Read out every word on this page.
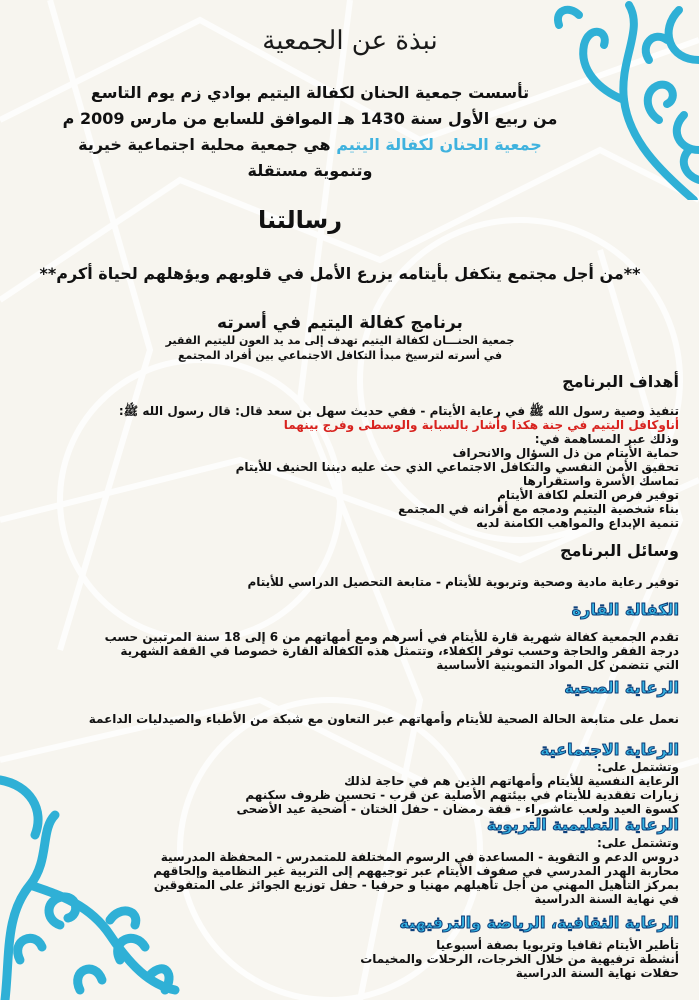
نبذة عن الجمعية
تأسست جمعية الحنان لكفالة اليتيم بوادي زم يوم التاسع
من ربيع الأول سنة 1430 هـ الموافق للسابع من مارس 2009 م
جمعية الحنان لكفالة اليتيم هي جمعية محلية اجتماعية خيرية
وتنموية مستقلة
رسالتنا
**من أجل مجتمع يتكفل بأيتامه يزرع الأمل في قلوبهم ويؤهلهم لحياة أكرم**
برنامج كفالة اليتيم في أسرته
جمعية الحنـــان لكفالة اليتيم تهدف إلى مد يد العون لليتيم الفقير
في أسرته لترسيخ مبدأ التكافل الاجتماعي بين أفراد المجتمع
أهداف البرنامج
تنفيذ وصية رسول الله ﷺ في رعاية الأيتام - ففي حديث سهل بن سعد قال: قال رسول الله ﷺ:
أناوكافل اليتيم في جنة هكذا وأشار بالسبابة والوسطى وفرج بينهما
وذلك عبر المساهمة في:
حماية الأيتام من ذل السؤال والانحراف
تحقيق الأمن النفسي والتكافل الاجتماعي الذي حث عليه ديننا الحنيف للأيتام
تماسك الأسرة واستقرارها
توفير فرص التعلم لكافة الأيتام
بناء شخصية اليتيم ودمجه مع أقرانه في المجتمع
تنمية الإبداع والمواهب الكامنة لديه
وسائل البرنامج
توفير رعاية مادية وصحية وتربوية للأيتام - متابعة التحصيل الدراسي للأيتام
الكفالة القارة
تقدم الجمعية كفالة شهرية قارة للأيتام في أسرهم ومع أمهاتهم من 6 إلى 18 سنة المرتبين حسب
درجة الفقر والحاجة وحسب توفر الكفلاء، وتتمثل هذه الكفالة القارة خصوصا في القفة الشهرية
التي تتضمن كل المواد التموينية الأساسية
الرعاية الصحية
نعمل على متابعة الحالة الصحية للأيتام وأمهاتهم عبر التعاون مع شبكة من الأطباء والصيدليات الداعمة
الرعاية الاجتماعية
وتشتمل على:
الرعاية النفسية للأيتام وأمهاتهم الذين هم في حاجة لذلك
زيارات تفقدية للأيتام في بيئتهم الأصلية عن قرب - تحسين ظروف سكنهم
كسوة العيد ولعب عاشوراء - قفة رمضان - حفل الختان - أضحية عيد الأضحى
الرعاية التعليمية التربوية
وتشتمل على:
دروس الدعم و التقوية - المساعدة في الرسوم المختلفة للمتمدرس - المحفظة المدرسية
محاربة الهدر المدرسي في صفوف الأيتام عبر توجيههم إلى التربية غير النظامية وإلحاقهم
بمركز التأهيل المهني من أجل تأهيلهم مهنيا و حرفيا - حفل توزيع الجوائز على المتفوقين
في نهاية السنة الدراسية
الرعاية الثقافية، الرياضة والترفيهية
تأطير الأيتام ثقافيا وتربويا بصفة أسبوعيا
أنشطة ترفيهية من خلال الخرجات، الرحلات والمخيمات
حفلات نهاية السنة الدراسية
